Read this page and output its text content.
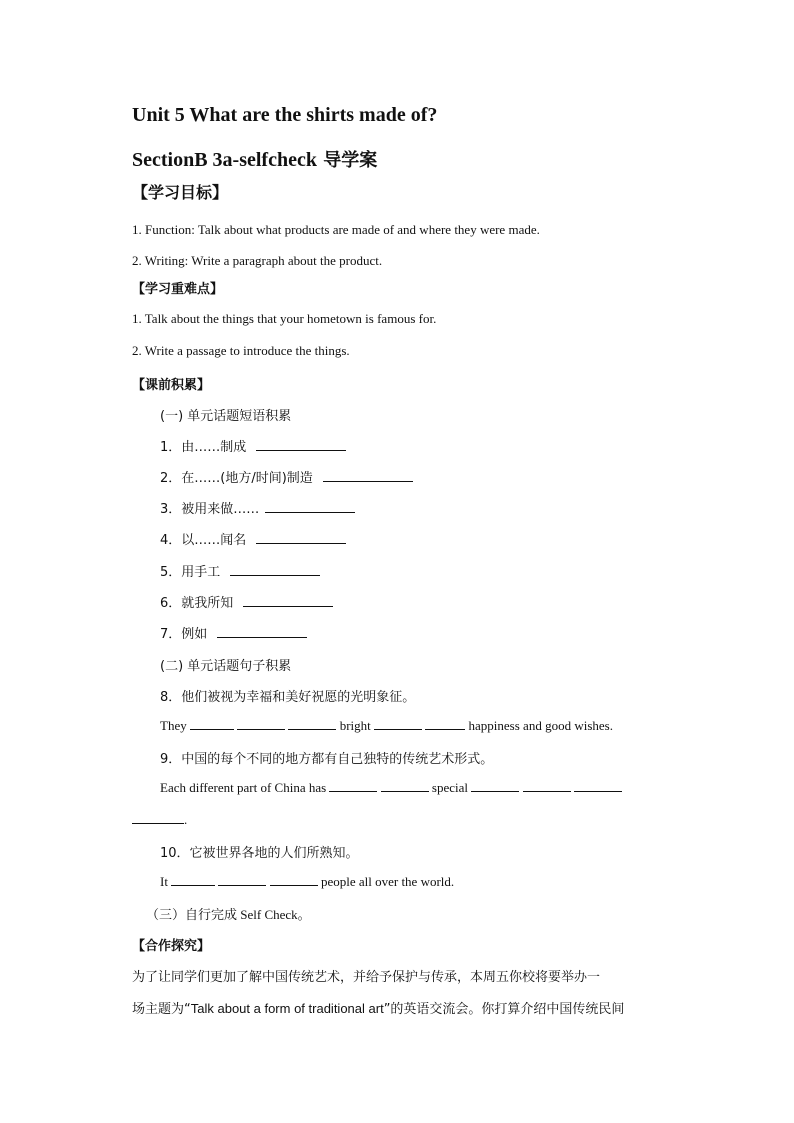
Unit 5 What are the shirts made of?
SectionB 3a-selfcheck 导学案
【学习目标】
1. Function: Talk about what products are made of and where they were made.
2. Writing: Write a paragraph about the product.
【学习重难点】
1. Talk about the things that your hometown is famous for.
2. Write a passage to introduce the things.
【课前积累】
(一) 单元话题短语积累
1．由……制成
2．在……(地方/时间)制造
3．被用来做……
4．以……闻名
5．用手工
6．就我所知
7．例如
(二) 单元话题句子积累
8．他们被视为幸福和美好祝愿的光明象征。
They	bright	happiness and good wishes.
9．中国的每个不同的地方都有自己独特的传统艺术形式。
Each different part of China has	special
.
10．它被世界各地的人们所熟知。
It	people all over the world.
（三）自行完成 Self Check。
【合作探究】
为了让同学们更加了解中国传统艺术，并给予保护与传承，本周五你校将要举办一
场主题为“Talk about a form of traditional art”的英语交流会。你打算介绍中国传统民间
